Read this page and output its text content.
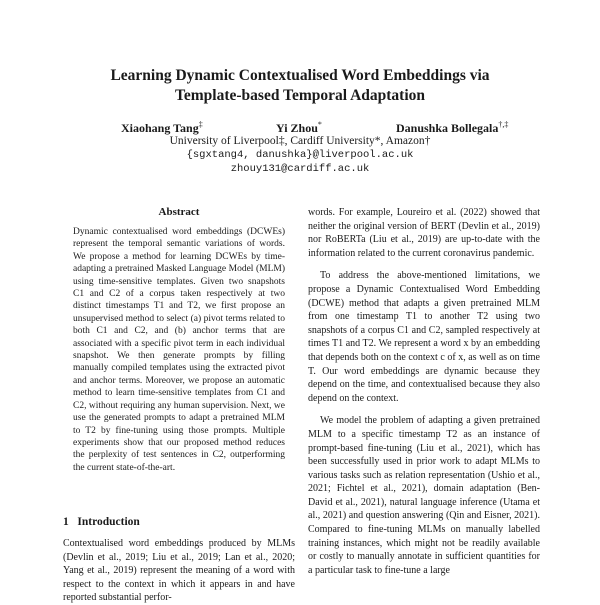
Learning Dynamic Contextualised Word Embeddings via
Template-based Temporal Adaptation
Xiaohang Tang‡	Yi Zhou*	Danushka Bollegala†,‡
University of Liverpool‡, Cardiff University*, Amazon†
{sgxtang4, danushka}@liverpool.ac.uk
zhouy131@cardiff.ac.uk
Abstract
Dynamic contextualised word embeddings (DCWEs) represent the temporal semantic variations of words. We propose a method for learning DCWEs by time-adapting a pretrained Masked Language Model (MLM) using time-sensitive templates. Given two snapshots C1 and C2 of a corpus taken respectively at two distinct timestamps T1 and T2, we first propose an unsupervised method to select (a) pivot terms related to both C1 and C2, and (b) anchor terms that are associated with a specific pivot term in each individual snapshot. We then generate prompts by filling manually compiled templates using the extracted pivot and anchor terms. Moreover, we propose an automatic method to learn time-sensitive templates from C1 and C2, without requiring any human supervision. Next, we use the generated prompts to adapt a pretrained MLM to T2 by fine-tuning using those prompts. Multiple experiments show that our proposed method reduces the perplexity of test sentences in C2, outperforming the current state-of-the-art.
1 Introduction
Contextualised word embeddings produced by MLMs (Devlin et al., 2019; Liu et al., 2019; Lan et al., 2020; Yang et al., 2019) represent the meaning of a word with respect to the context in which it appears in and have reported substantial perfor-

words. For example, Loureiro et al. (2022) showed that neither the original version of BERT (Devlin et al., 2019) nor RoBERTa (Liu et al., 2019) are up-to-date with the information related to the current coronavirus pandemic.

To address the above-mentioned limitations, we propose a Dynamic Contextualised Word Embedding (DCWE) method that adapts a given pretrained MLM from one timestamp T1 to another T2 using two snapshots of a corpus C1 and C2, sampled respectively at times T1 and T2. We represent a word x by an embedding that depends both on the context c of x, as well as on time T. Our word embeddings are dynamic because they depend on the time, and contextualised because they also depend on the context.

We model the problem of adapting a given pretrained MLM to a specific timestamp T2 as an instance of prompt-based fine-tuning (Liu et al., 2021), which has been successfully used in prior work to adapt MLMs to various tasks such as relation representation (Ushio et al., 2021; Fichtel et al., 2021), domain adaptation (Ben-David et al., 2021), natural language inference (Utama et al., 2021) and question answering (Qin and Eisner, 2021). Compared to fine-tuning MLMs on manually labelled training instances, which might not be readily available or costly to manually annotate in sufficient quantities for a particular task to fine-tune a large
